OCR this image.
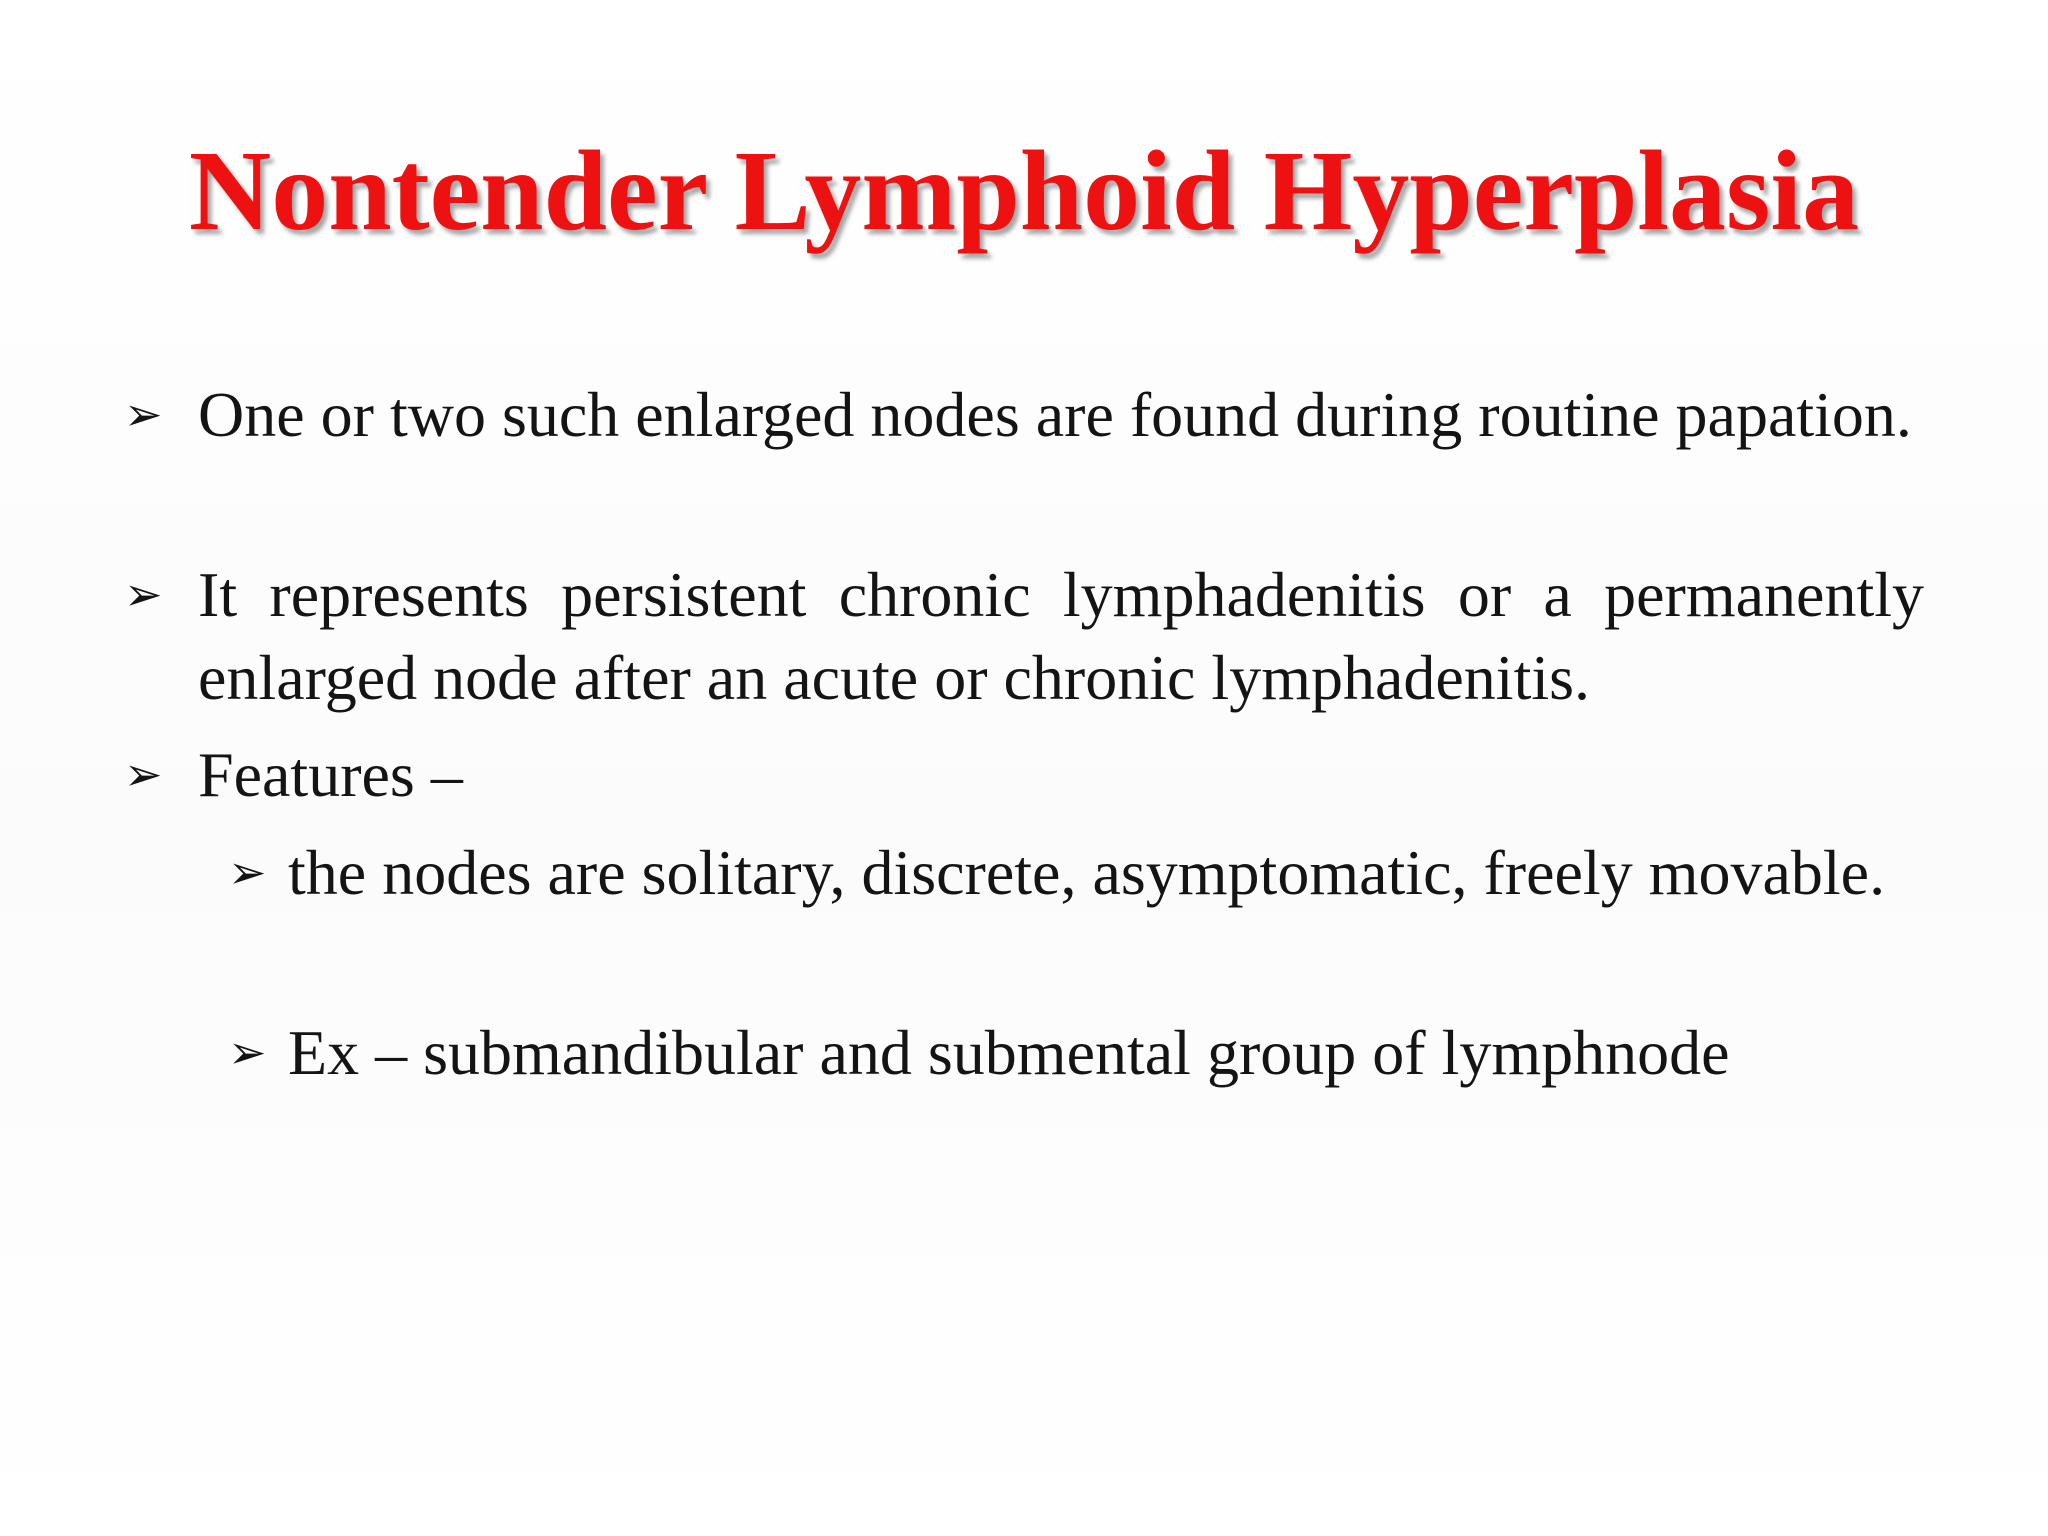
Nontender Lymphoid Hyperplasia
➢ One or two such enlarged nodes are found during routine papation.
➢ It represents persistent chronic lymphadenitis or a permanently enlarged node after an acute or chronic lymphadenitis.
➢ Features –
➢ the nodes are solitary, discrete, asymptomatic, freely movable.
➢ Ex – submandibular and submental group of lymphnode
